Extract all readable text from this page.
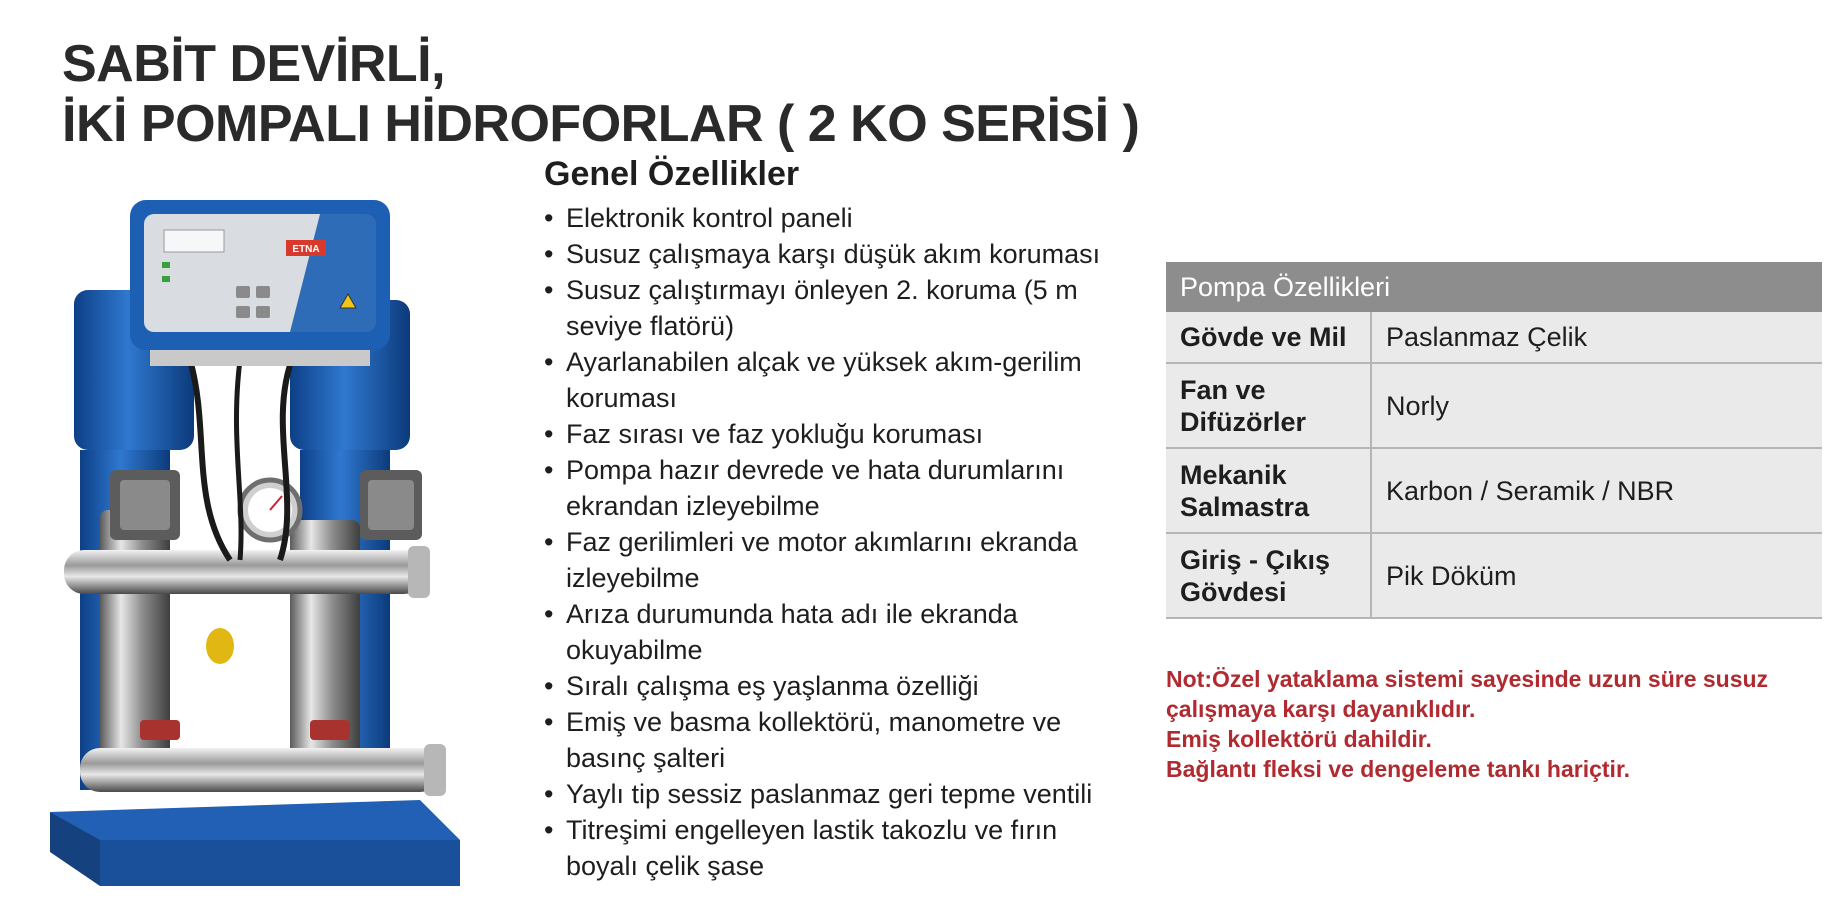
SABİT DEVİRLİ,
İKİ POMPALI HİDROFORLAR ( 2 KO SERİSİ )
ETNA
Genel Özellikler
• Elektronik kontrol paneli
• Susuz çalışmaya karşı düşük akım koruması
• Susuz çalıştırmayı önleyen 2. koruma (5 m seviye flatörü)
• Ayarlanabilen alçak ve yüksek akım-gerilim koruması
• Faz sırası ve faz yokluğu koruması
• Pompa hazır devrede ve hata durumlarını ekrandan izleyebilme
• Faz gerilimleri ve motor akımlarını ekranda izleyebilme
• Arıza durumunda hata adı ile ekranda okuyabilme
• Sıralı çalışma eş yaşlanma özelliği
• Emiş ve basma kollektörü, manometre ve basınç şalteri
• Yaylı tip sessiz paslanmaz geri tepme ventili
• Titreşimi engelleyen lastik takozlu ve fırın boyalı çelik şase
Pompa Özellikleri	
Gövde ve Mil	Paslanmaz Çelik
Fan ve Difüzörler	Norly
Mekanik Salmastra	Karbon / Seramik / NBR
Giriş - Çıkış Gövdesi	Pik Döküm
Not:Özel yataklama sistemi sayesinde uzun süre susuz
çalışmaya karşı dayanıklıdır.
Emiş kollektörü dahildir.
Bağlantı fleksi ve dengeleme tankı hariçtir.
